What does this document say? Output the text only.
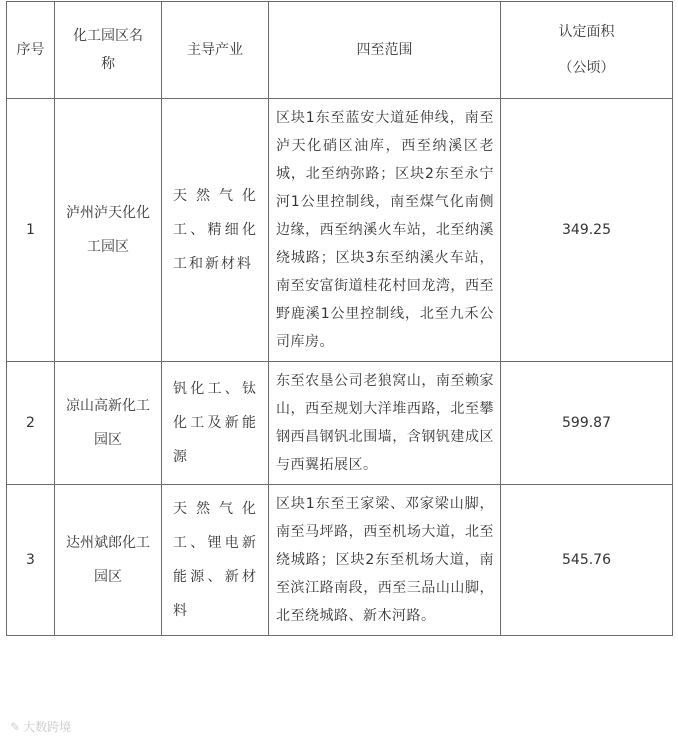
序号	化工园区名称	主导产业	四至范围	认定面积
（公顷）

1	泸州泸天化化工园区	天然气化工、精细化工和新材料	区块1东至蓝安大道延伸线，南至泸天化硝区油库，西至纳溪区老城，北至纳弥路；区块2东至永宁河1公里控制线，南至煤气化南侧边缘，西至纳溪火车站，北至纳溪绕城路；区块3东至纳溪火车站，南至安富街道桂花村回龙湾，西至野鹿溪1公里控制线，北至九禾公司库房。	349.25
2	凉山高新化工园区	钒化工、钛化工及新能源	东至农垦公司老狼窝山，南至赖家山，西至规划大洋堆西路，北至攀钢西昌钢钒北围墙，含钢钒建成区与西翼拓展区。	599.87
3	达州斌郎化工园区	天然气化工、锂电新能源、新材料	区块1东至王家梁、邓家梁山脚，南至马坪路，西至机场大道，北至绕城路；区块2东至机场大道，南至滨江路南段，西至三品山山脚，北至绕城路、新木河路。	545.76
✎ 大数跨境
